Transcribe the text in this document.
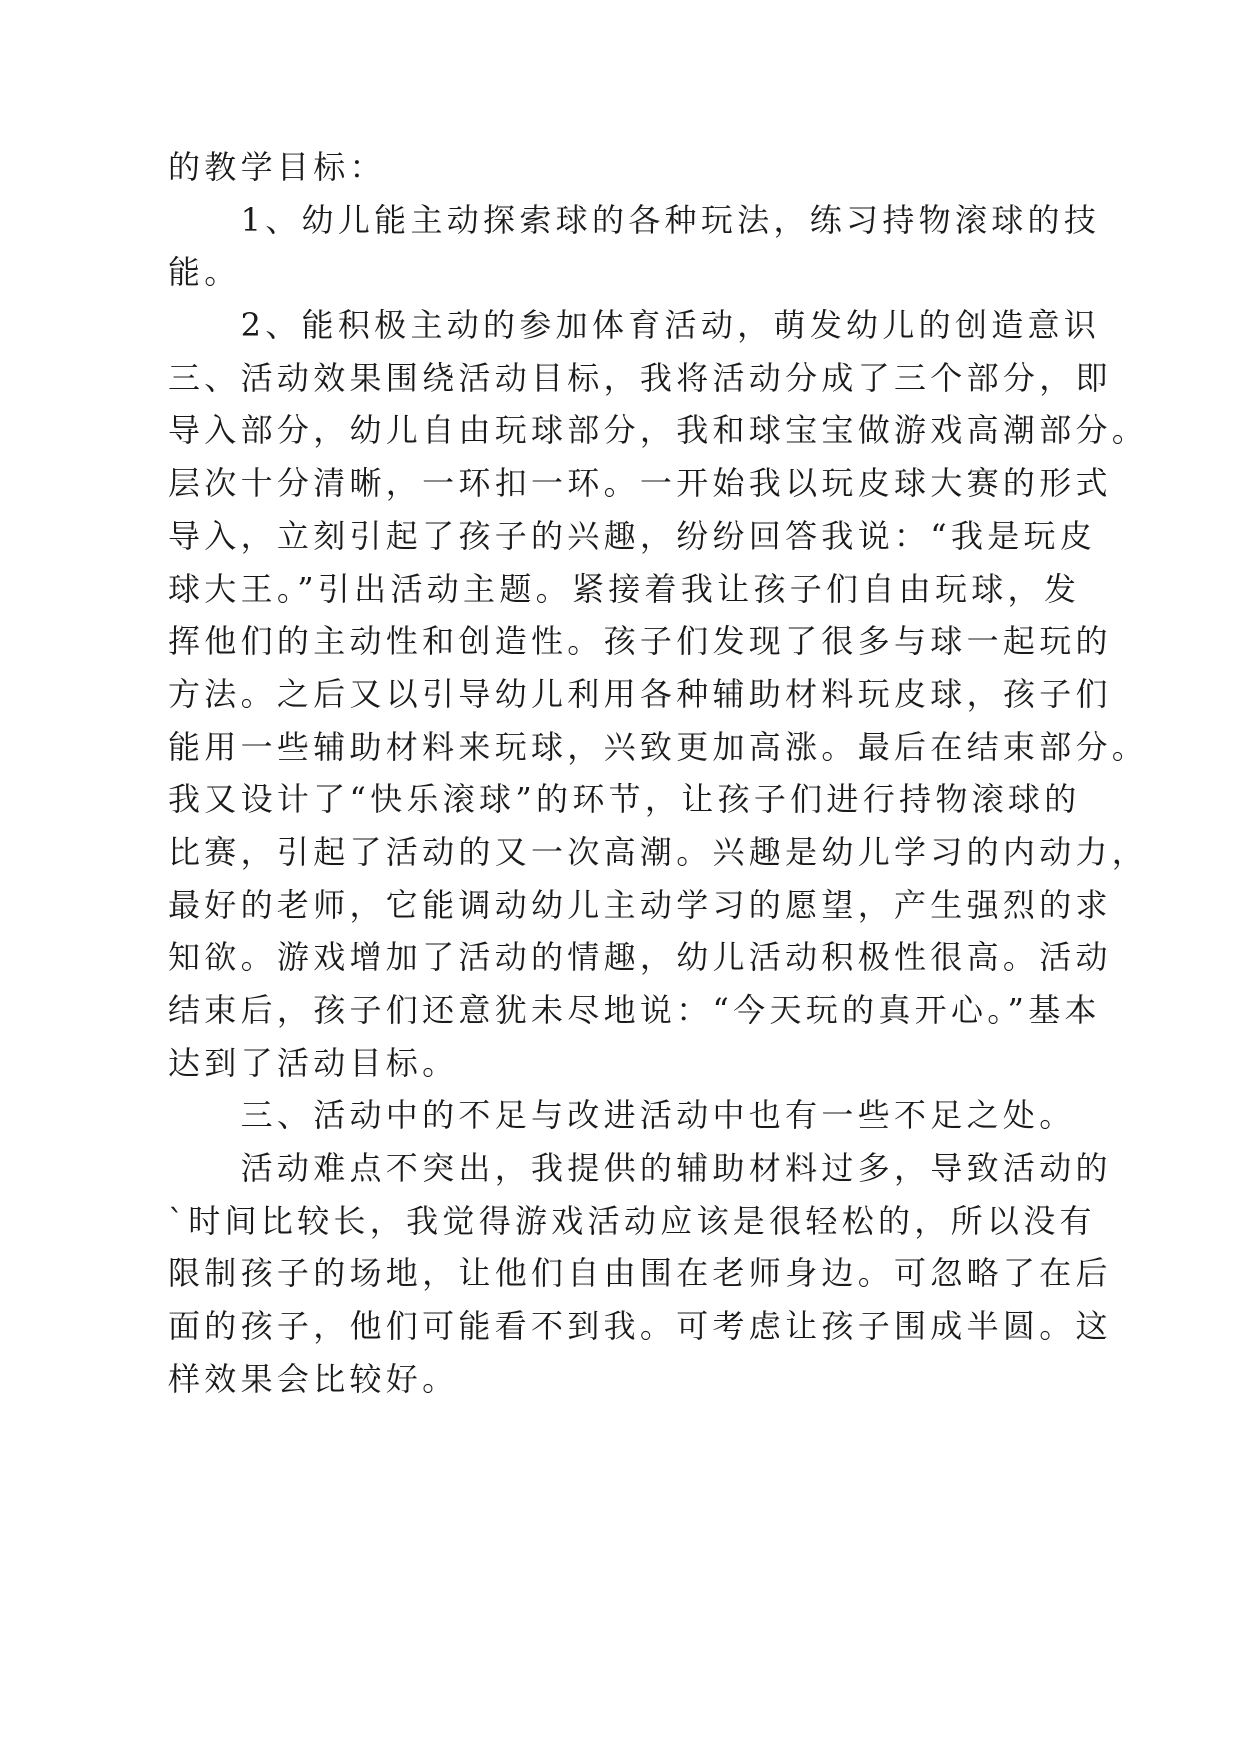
的教学目标：
　　1、幼儿能主动探索球的各种玩法，练习持物滚球的技
能。
　　2、能积极主动的参加体育活动，萌发幼儿的创造意识
三、活动效果围绕活动目标，我将活动分成了三个部分，即
导入部分，幼儿自由玩球部分，我和球宝宝做游戏高潮部分。
层次十分清晰，一环扣一环。一开始我以玩皮球大赛的形式
导入，立刻引起了孩子的兴趣，纷纷回答我说：“我是玩皮
球大王。”引出活动主题。紧接着我让孩子们自由玩球，发
挥他们的主动性和创造性。孩子们发现了很多与球一起玩的
方法。之后又以引导幼儿利用各种辅助材料玩皮球，孩子们
能用一些辅助材料来玩球，兴致更加高涨。最后在结束部分。
我又设计了“快乐滚球”的环节，让孩子们进行持物滚球的
比赛，引起了活动的又一次高潮。兴趣是幼儿学习的内动力，
最好的老师，它能调动幼儿主动学习的愿望，产生强烈的求
知欲。游戏增加了活动的情趣，幼儿活动积极性很高。活动
结束后，孩子们还意犹未尽地说：“今天玩的真开心。”基本
达到了活动目标。
　　三、活动中的不足与改进活动中也有一些不足之处。
　　活动难点不突出，我提供的辅助材料过多，导致活动的
`时间比较长，我觉得游戏活动应该是很轻松的，所以没有
限制孩子的场地，让他们自由围在老师身边。可忽略了在后
面的孩子，他们可能看不到我。可考虑让孩子围成半圆。这
样效果会比较好。
